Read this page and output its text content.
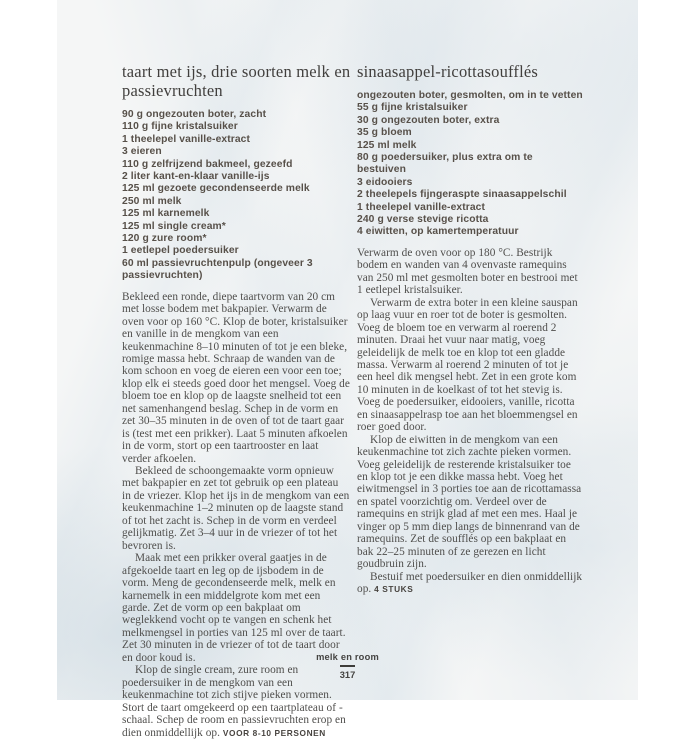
taart met ijs, drie soorten melk en passievruchten
90 g ongezouten boter, zacht
110 g fijne kristalsuiker
1 theelepel vanille-extract
3 eieren
110 g zelfrijzend bakmeel, gezeefd
2 liter kant-en-klaar vanille-ijs
125 ml gezoete gecondenseerde melk
250 ml melk
125 ml karnemelk
125 ml single cream*
120 g zure room*
1 eetlepel poedersuiker
60 ml passievruchtenpulp (ongeveer 3 passievruchten)

Bekleed een ronde, diepe taartvorm van 20 cm met losse bodem met bakpapier. Verwarm de oven voor op 160 °C. Klop de boter, kristalsuiker en vanille in de mengkom van een keukenmachine 8–10 minuten of tot je een bleke, romige massa hebt. Schraap de wanden van de kom schoon en voeg de eieren een voor een toe; klop elk ei steeds goed door het mengsel. Voeg de bloem toe en klop op de laagste snelheid tot een net samenhangend beslag. Schep in de vorm en zet 30–35 minuten in de oven of tot de taart gaar is (test met een prikker). Laat 5 minuten afkoelen in de vorm, stort op een taartrooster en laat verder afkoelen.

Bekleed de schoongemaakte vorm opnieuw met bakpapier en zet tot gebruik op een plateau in de vriezer. Klop het ijs in de mengkom van een keukenmachine 1–2 minuten op de laagste stand of tot het zacht is. Schep in de vorm en verdeel gelijkmatig. Zet 3–4 uur in de vriezer of tot het bevroren is.

Maak met een prikker overal gaatjes in de afgekoelde taart en leg op de ijsbodem in de vorm. Meng de gecondenseerde melk, melk en karnemelk in een middelgrote kom met een garde. Zet de vorm op een bakplaat om weglekkend vocht op te vangen en schenk het melkmengsel in porties van 125 ml over de taart. Zet 30 minuten in de vriezer of tot de taart door en door koud is.

Klop de single cream, zure room en poedersuiker in de mengkom van een keukenmachine tot zich stijve pieken vormen. Stort de taart omgekeerd op een taartplateau of -schaal. Schep de room en passievruchten erop en dien onmiddellijk op. VOOR 8-10 PERSONEN

sinaasappel-ricottasoufflés
ongezouten boter, gesmolten, om in te vetten
55 g fijne kristalsuiker
30 g ongezouten boter, extra
35 g bloem
125 ml melk
80 g poedersuiker, plus extra om te bestuiven
3 eidooiers
2 theelepels fijngeraspte sinaasappelschil
1 theelepel vanille-extract
240 g verse stevige ricotta
4 eiwitten, op kamertemperatuur

Verwarm de oven voor op 180 °C. Bestrijk bodem en wanden van 4 ovenvaste ramequins van 250 ml met gesmolten boter en bestrooi met 1 eetlepel kristalsuiker.

Verwarm de extra boter in een kleine sauspan op laag vuur en roer tot de boter is gesmolten. Voeg de bloem toe en verwarm al roerend 2 minuten. Draai het vuur naar matig, voeg geleidelijk de melk toe en klop tot een gladde massa. Verwarm al roerend 2 minuten of tot je een heel dik mengsel hebt. Zet in een grote kom 10 minuten in de koelkast of tot het stevig is. Voeg de poedersuiker, eidooiers, vanille, ricotta en sinaasappelrasp toe aan het bloemmengsel en roer goed door.

Klop de eiwitten in de mengkom van een keukenmachine tot zich zachte pieken vormen. Voeg geleidelijk de resterende kristalsuiker toe en klop tot je een dikke massa hebt. Voeg het eiwitmengsel in 3 porties toe aan de ricottamassa en spatel voorzichtig om. Verdeel over de ramequins en strijk glad af met een mes. Haal je vinger op 5 mm diep langs de binnenrand van de ramequins. Zet de soufflés op een bakplaat en bak 22–25 minuten of ze gerezen en licht goudbruin zijn.

Bestuif met poedersuiker en dien onmiddellijk op. 4 STUKS

melk en room
317
